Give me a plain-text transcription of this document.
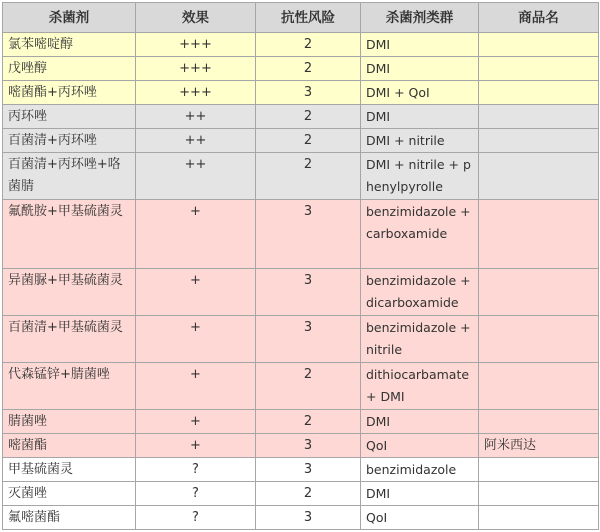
杀菌剂	效果	抗性风险	杀菌剂类群	商品名
氯苯嘧啶醇	+++	2	DMI	
戊唑醇	+++	2	DMI	
嘧菌酯+丙环唑	+++	3	DMI + QoI	
丙环唑	++	2	DMI	
百菌清+丙环唑	++	2	DMI + nitrile	
百菌清+丙环唑+咯菌腈	++	2	DMI + nitrile + phenylpyrolle	
氟酰胺+甲基硫菌灵	+	3	benzimidazole + carboxamide	
异菌脲+甲基硫菌灵	+	3	benzimidazole + dicarboxamide	
百菌清+甲基硫菌灵	+	3	benzimidazole + nitrile	
代森锰锌+腈菌唑	+	2	dithiocarbamate + DMI	
腈菌唑	+	2	DMI	
嘧菌酯	+	3	QoI	阿米西达
甲基硫菌灵	?	3	benzimidazole	
灭菌唑	?	2	DMI	
氟嘧菌酯	?	3	QoI	
